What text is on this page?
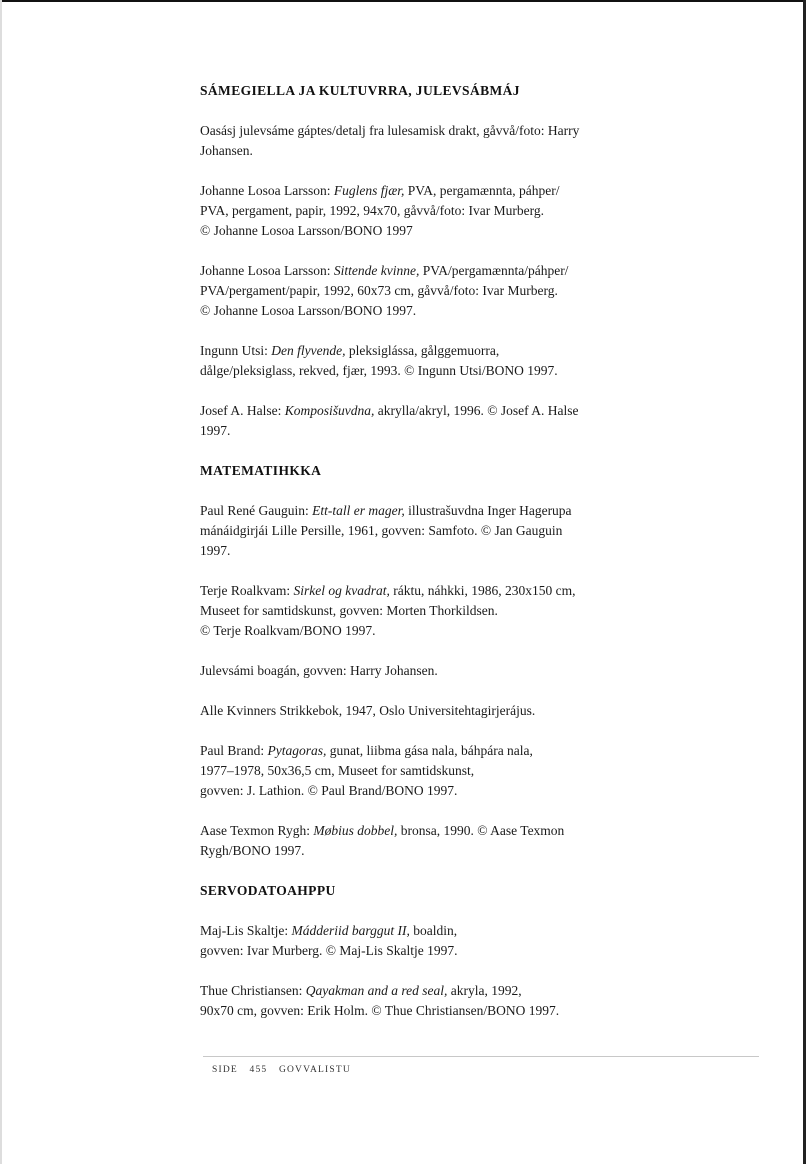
SÁMEGIELLA JA KULTUVRRA, JULEVSÁBMÁJ
Oasásj julevsáme gáptes/detalj fra lulesamisk drakt, gåvvå/foto: Harry
Johansen.
Johanne Losoa Larsson: Fuglens fjær, PVA, pergamænnta, páhper/
PVA, pergament, papir, 1992, 94x70, gåvvå/foto: Ivar Murberg.
© Johanne Losoa Larsson/BONO 1997
Johanne Losoa Larsson: Sittende kvinne, PVA/pergamænnta/páhper/
PVA/pergament/papir, 1992, 60x73 cm, gåvvå/foto: Ivar Murberg.
© Johanne Losoa Larsson/BONO 1997.
Ingunn Utsi: Den flyvende, pleksiglássa, gålggemuorra,
dålge/pleksiglass, rekved, fjær, 1993. © Ingunn Utsi/BONO 1997.
Josef A. Halse: Komposišuvdna, akrylla/akryl, 1996. © Josef A. Halse
1997.
MATEMATIHKKA
Paul René Gauguin: Ett-tall er mager, illustrašuvdna Inger Hagerupa
mánáidgirjái Lille Persille, 1961, govven: Samfoto. © Jan Gauguin
1997.
Terje Roalkvam: Sirkel og kvadrat, ráktu, náhkki, 1986, 230x150 cm,
Museet for samtidskunst, govven: Morten Thorkildsen.
© Terje Roalkvam/BONO 1997.
Julevsámi boagán, govven: Harry Johansen.
Alle Kvinners Strikkebok, 1947, Oslo Universitehtagirjerájus.
Paul Brand: Pytagoras, gunat, liibma gása nala, báhpára nala,
1977–1978, 50x36,5 cm, Museet for samtidskunst,
govven: J. Lathion. © Paul Brand/BONO 1997.
Aase Texmon Rygh: Møbius dobbel, bronsa, 1990. © Aase Texmon
Rygh/BONO 1997.
SERVODATOAHPPU
Maj-Lis Skaltje: Mádderiid barggut II, boaldin,
govven: Ivar Murberg. © Maj-Lis Skaltje 1997.
Thue Christiansen: Qayakman and a red seal, akryla, 1992,
90x70 cm, govven: Erik Holm. © Thue Christiansen/BONO 1997.
SIDE 455 GOVVALISTU
